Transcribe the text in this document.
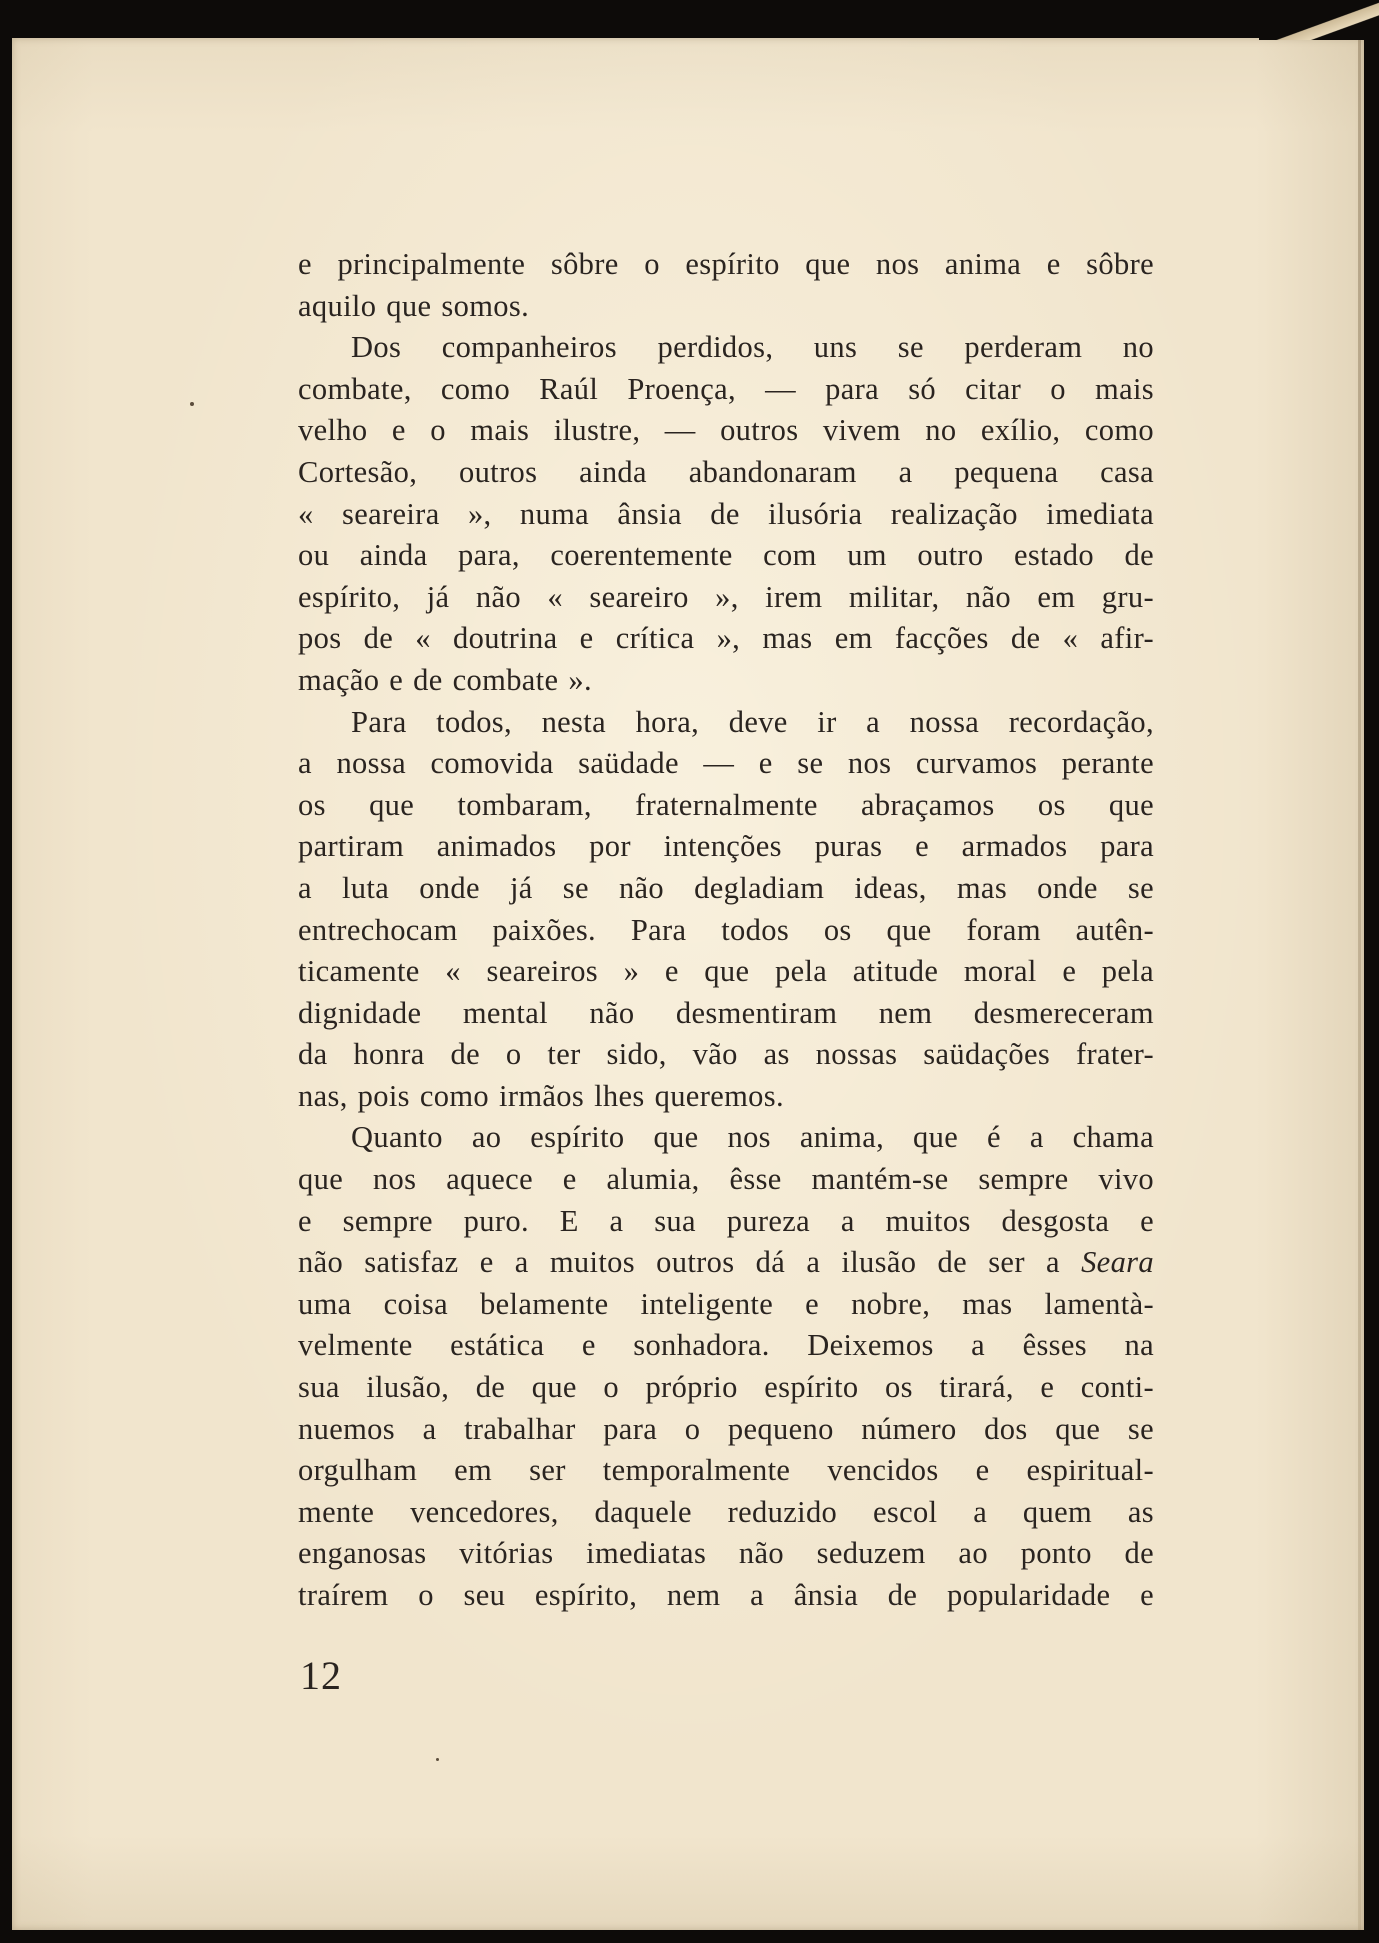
e principalmente sôbre o espírito que nos anima e sôbre
aquilo que somos.
Dos companheiros perdidos, uns se perderam no
combate, como Raúl Proença, — para só citar o mais
velho e o mais ilustre, — outros vivem no exílio, como
Cortesão, outros ainda abandonaram a pequena casa
« seareira », numa ânsia de ilusória realização imediata
ou ainda para, coerentemente com um outro estado de
espírito, já não « seareiro », irem militar, não em gru-
pos de « doutrina e crítica », mas em facções de « afir-
mação e de combate ».
Para todos, nesta hora, deve ir a nossa recordação,
a nossa comovida saüdade — e se nos curvamos perante
os que tombaram, fraternalmente abraçamos os que
partiram animados por intenções puras e armados para
a luta onde já se não degladiam ideas, mas onde se
entrechocam paixões. Para todos os que foram autên-
ticamente « seareiros » e que pela atitude moral e pela
dignidade mental não desmentiram nem desmereceram
da honra de o ter sido, vão as nossas saüdações frater-
nas, pois como irmãos lhes queremos.
Quanto ao espírito que nos anima, que é a chama
que nos aquece e alumia, êsse mantém-se sempre vivo
e sempre puro. E a sua pureza a muitos desgosta e
não satisfaz e a muitos outros dá a ilusão de ser a Seara
uma coisa belamente inteligente e nobre, mas lamentà-
velmente estática e sonhadora. Deixemos a êsses na
sua ilusão, de que o próprio espírito os tirará, e conti-
nuemos a trabalhar para o pequeno número dos que se
orgulham em ser temporalmente vencidos e espiritual-
mente vencedores, daquele reduzido escol a quem as
enganosas vitórias imediatas não seduzem ao ponto de
traírem o seu espírito, nem a ânsia de popularidade e
12
